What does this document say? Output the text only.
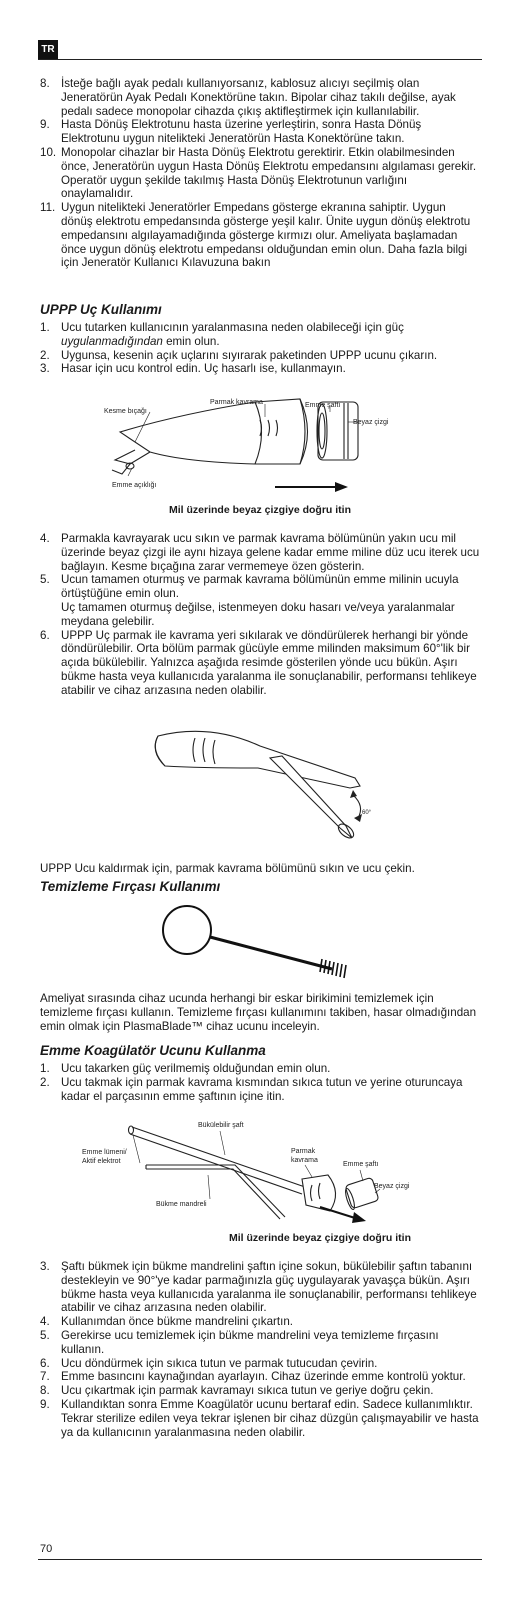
TR
8. İsteğe bağlı ayak pedalı kullanıyorsanız, kablosuz alıcıyı seçilmiş olan Jeneratörün Ayak Pedalı Konektörüne takın. Bipolar cihaz takılı değilse, ayak pedalı sadece monopolar cihazda çıkış aktifleştirmek için kullanılabilir.
9. Hasta Dönüş Elektrotunu hasta üzerine yerleştirin, sonra Hasta Dönüş Elektrotunu uygun nitelikteki Jeneratörün Hasta Konektörüne takın.
10. Monopolar cihazlar bir Hasta Dönüş Elektrotu gerektirir. Etkin olabilmesinden önce, Jeneratörün uygun Hasta Dönüş Elektrotu empedansını algılaması gerekir. Operatör uygun şekilde takılmış Hasta Dönüş Elektrotunun varlığını onaylamalıdır.
11. Uygun nitelikteki Jeneratörler Empedans gösterge ekranına sahiptir. Uygun dönüş elektrotu empedansında gösterge yeşil kalır. Ünite uygun dönüş elektrotu empedansını algılayamadığında gösterge kırmızı olur. Ameliyata başlamadan önce uygun dönüş elektrotu empedansı olduğundan emin olun. Daha fazla bilgi için Jeneratör Kullanıcı Kılavuzuna bakın
UPPP Uç Kullanımı
1. Ucu tutarken kullanıcının yaralanmasına neden olabileceği için güç
uygulanmadığından emin olun.
2. Uygunsa, kesenin açık uçlarını sıyırarak paketinden UPPP ucunu çıkarın.
3. Hasar için ucu kontrol edin. Uç hasarlı ise, kullanmayın.
Kesme bıçağı
Parmak kavrama	Emme şaftı
Beyaz çizgi
Emme açıklığı
Mil üzerinde beyaz çizgiye doğru itin
4. Parmakla kavrayarak ucu sıkın ve parmak kavrama bölümünün yakın ucu mil üzerinde beyaz çizgi ile aynı hizaya gelene kadar emme miline düz ucu iterek ucu bağlayın. Kesme bıçağına zarar vermemeye özen gösterin.
5. Ucun tamamen oturmuş ve parmak kavrama bölümünün emme milinin ucuyla örtüştüğüne emin olun.
Uç tamamen oturmuş değilse, istenmeyen doku hasarı ve/veya yaralanmalar meydana gelebilir.
6. UPPP Uç parmak ile kavrama yeri sıkılarak ve döndürülerek herhangi bir yönde döndürülebilir. Orta bölüm parmak gücüyle emme milinden maksimum 60°'lik bir açıda bükülebilir. Yalnızca aşağıda resimde gösterilen yönde ucu bükün. Aşırı bükme hasta veya kullanıcıda yaralanma ile sonuçlanabilir, performansı tehlikeye atabilir ve cihaz arızasına neden olabilir.
60°

UPPP Ucu kaldırmak için, parmak kavrama bölümünü sıkın ve ucu çekin.

Temizleme Fırçası Kullanımı

Ameliyat sırasında cihaz ucunda herhangi bir eskar birikimini temizlemek için temizleme fırçası kullanın. Temizleme fırçası kullanımını takiben, hasar olmadığından emin olmak için PlasmaBlade™ cihaz ucunu inceleyin.

Emme Koagülatör Ucunu Kullanma
1. Ucu takarken güç verilmemiş olduğundan emin olun.
2. Ucu takmak için parmak kavrama kısmından sıkıca tutun ve yerine oturuncaya kadar el parçasının emme şaftının içine itin.
Bükülebilir şaft
Emme lümeni/
Aktif elektrot
Parmak
kavrama
Emme şaftı
Beyaz çizgi
Bükme mandreli
Mil üzerinde beyaz çizgiye doğru itin
3. Şaftı bükmek için bükme mandrelini şaftın içine sokun, bükülebilir şaftın tabanını destekleyin ve 90°'ye kadar parmağınızla güç uygulayarak yavaşça bükün. Aşırı bükme hasta veya kullanıcıda yaralanma ile sonuçlanabilir, performansı tehlikeye atabilir ve cihaz arızasına neden olabilir.
4. Kullanımdan önce bükme mandrelini çıkartın.
5. Gerekirse ucu temizlemek için bükme mandrelini veya temizleme fırçasını kullanın.
6. Ucu döndürmek için sıkıca tutun ve parmak tutucudan çevirin.
7. Emme basıncını kaynağından ayarlayın. Cihaz üzerinde emme kontrolü yoktur.
8. Ucu çıkartmak için parmak kavramayı sıkıca tutun ve geriye doğru çekin.
9. Kullandıktan sonra Emme Koagülatör ucunu bertaraf edin. Sadece kullanımlıktır. Tekrar sterilize edilen veya tekrar işlenen bir cihaz düzgün çalışmayabilir ve hasta ya da kullanıcının yaralanmasına neden olabilir.
70
